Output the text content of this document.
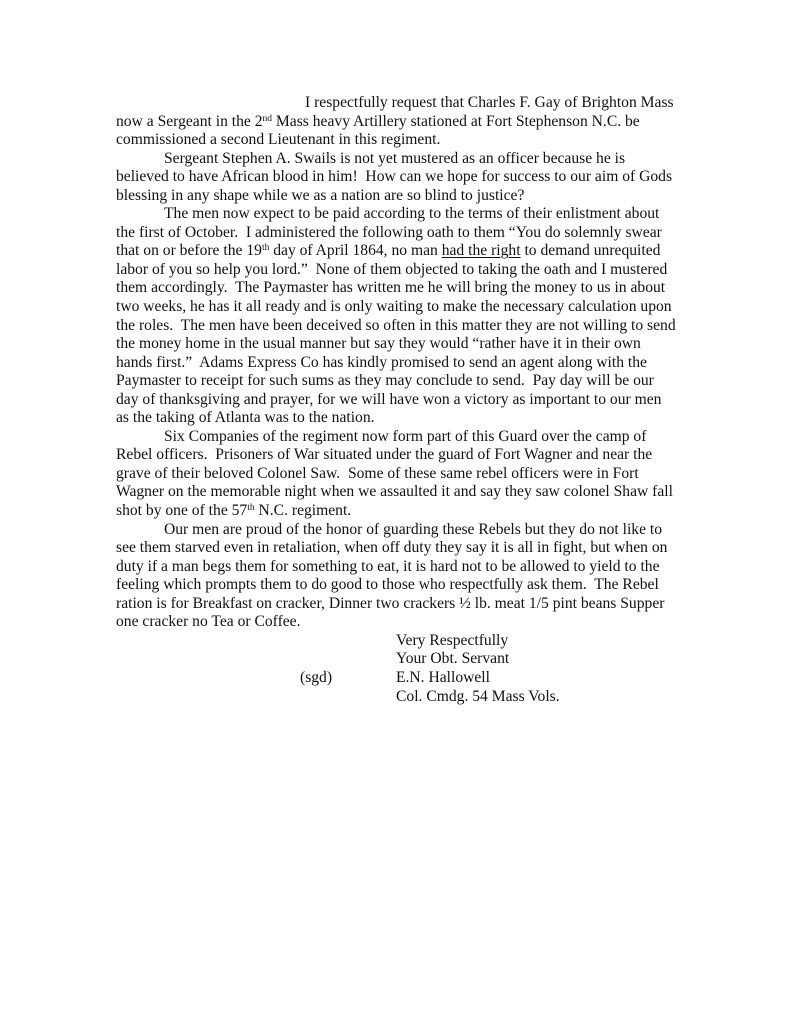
I respectfully request that Charles F. Gay of Brighton Mass
now a Sergeant in the 2nd Mass heavy Artillery stationed at Fort Stephenson N.C. be
commissioned a second Lieutenant in this regiment.
Sergeant Stephen A. Swails is not yet mustered as an officer because he is
believed to have African blood in him!  How can we hope for success to our aim of Gods
blessing in any shape while we as a nation are so blind to justice?
The men now expect to be paid according to the terms of their enlistment about
the first of October.  I administered the following oath to them “You do solemnly swear
that on or before the 19th day of April 1864, no man had the right to demand unrequited
labor of you so help you lord.”  None of them objected to taking the oath and I mustered
them accordingly.  The Paymaster has written me he will bring the money to us in about
two weeks, he has it all ready and is only waiting to make the necessary calculation upon
the roles.  The men have been deceived so often in this matter they are not willing to send
the money home in the usual manner but say they would “rather have it in their own
hands first.”  Adams Express Co has kindly promised to send an agent along with the
Paymaster to receipt for such sums as they may conclude to send.  Pay day will be our
day of thanksgiving and prayer, for we will have won a victory as important to our men
as the taking of Atlanta was to the nation.
Six Companies of the regiment now form part of this Guard over the camp of
Rebel officers.  Prisoners of War situated under the guard of Fort Wagner and near the
grave of their beloved Colonel Saw.  Some of these same rebel officers were in Fort
Wagner on the memorable night when we assaulted it and say they saw colonel Shaw fall
shot by one of the 57th N.C. regiment.
Our men are proud of the honor of guarding these Rebels but they do not like to
see them starved even in retaliation, when off duty they say it is all in fight, but when on
duty if a man begs them for something to eat, it is hard not to be allowed to yield to the
feeling which prompts them to do good to those who respectfully ask them.  The Rebel
ration is for Breakfast on cracker, Dinner two crackers ½ lb. meat 1/5 pint beans Supper
one cracker no Tea or Coffee.
(sgd)
Very Respectfully
Your Obt. Servant
E.N. Hallowell
Col. Cmdg. 54 Mass Vols.
